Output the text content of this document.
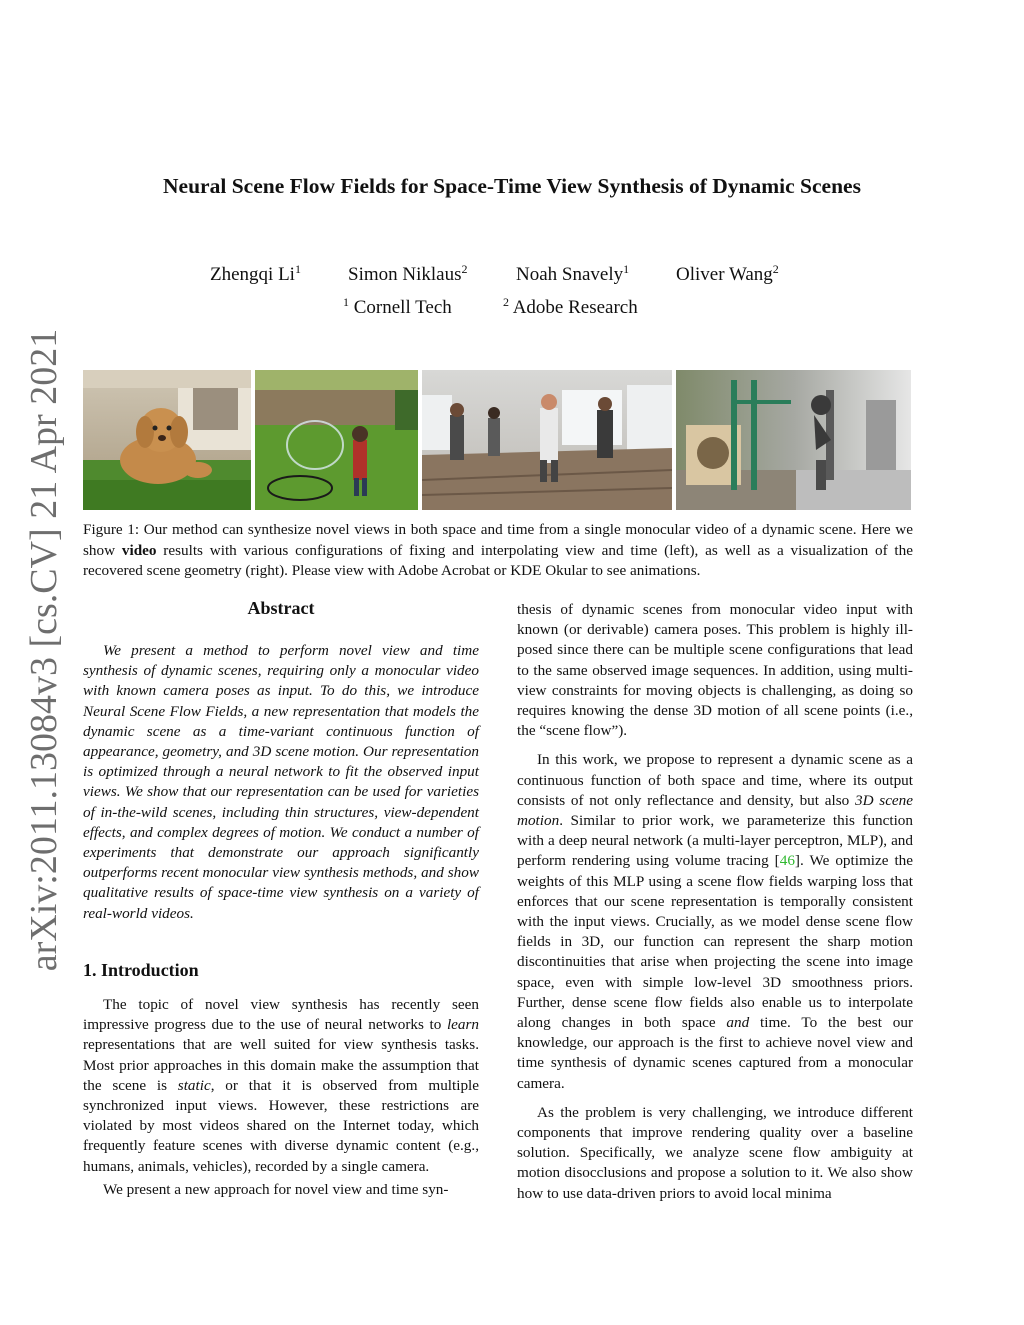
arXiv:2011.13084v3 [cs.CV] 21 Apr 2021
Neural Scene Flow Fields for Space-Time View Synthesis of Dynamic Scenes
Zhengqi Li$^1$ Simon Niklaus$^2$	Noah Snavely$^1$ Oliver Wang$^2$
$^1$ Cornell Tech	$^2$ Adobe Research
Figure 1: Our method can synthesize novel views in both space and time from a single monocular video of a dynamic scene. Here we show video results with various configurations of fixing and interpolating view and time (left), as well as a visualization of the recovered scene geometry (right). Please view with Adobe Acrobat or KDE Okular to see animations.
Abstract

We present a method to perform novel view and time synthesis of dynamic scenes, requiring only a monocular video with known camera poses as input. To do this, we introduce Neural Scene Flow Fields, a new representation that models the dynamic scene as a time-variant continuous function of appearance, geometry, and 3D scene motion. Our representation is optimized through a neural network to fit the observed input views. We show that our representation can be used for varieties of in-the-wild scenes, including thin structures, view-dependent effects, and complex degrees of motion. We conduct a number of experiments that demonstrate our approach significantly outperforms recent monocular view synthesis methods, and show qualitative results of space-time view synthesis on a variety of real-world videos.

1. Introduction

The topic of novel view synthesis has recently seen impressive progress due to the use of neural networks to learn representations that are well suited for view synthesis tasks. Most prior approaches in this domain make the assumption that the scene is static, or that it is observed from multiple synchronized input views. However, these restrictions are violated by most videos shared on the Internet today, which frequently feature scenes with diverse dynamic content (e.g., humans, animals, vehicles), recorded by a single camera.

We present a new approach for novel view and time syn-

thesis of dynamic scenes from monocular video input with known (or derivable) camera poses. This problem is highly ill-posed since there can be multiple scene configurations that lead to the same observed image sequences. In addition, using multi-view constraints for moving objects is challenging, as doing so requires knowing the dense 3D motion of all scene points (i.e., the “scene flow”).

In this work, we propose to represent a dynamic scene as a continuous function of both space and time, where its output consists of not only reflectance and density, but also 3D scene motion. Similar to prior work, we parameterize this function with a deep neural network (a multi-layer perceptron, MLP), and perform rendering using volume tracing [46]. We optimize the weights of this MLP using a scene flow fields warping loss that enforces that our scene representation is temporally consistent with the input views. Crucially, as we model dense scene flow fields in 3D, our function can represent the sharp motion discontinuities that arise when projecting the scene into image space, even with simple low-level 3D smoothness priors. Further, dense scene flow fields also enable us to interpolate along changes in both space and time. To the best our knowledge, our approach is the first to achieve novel view and time synthesis of dynamic scenes captured from a monocular camera.

As the problem is very challenging, we introduce different components that improve rendering quality over a baseline solution. Specifically, we analyze scene flow ambiguity at motion disocclusions and propose a solution to it. We also show how to use data-driven priors to avoid local minima
